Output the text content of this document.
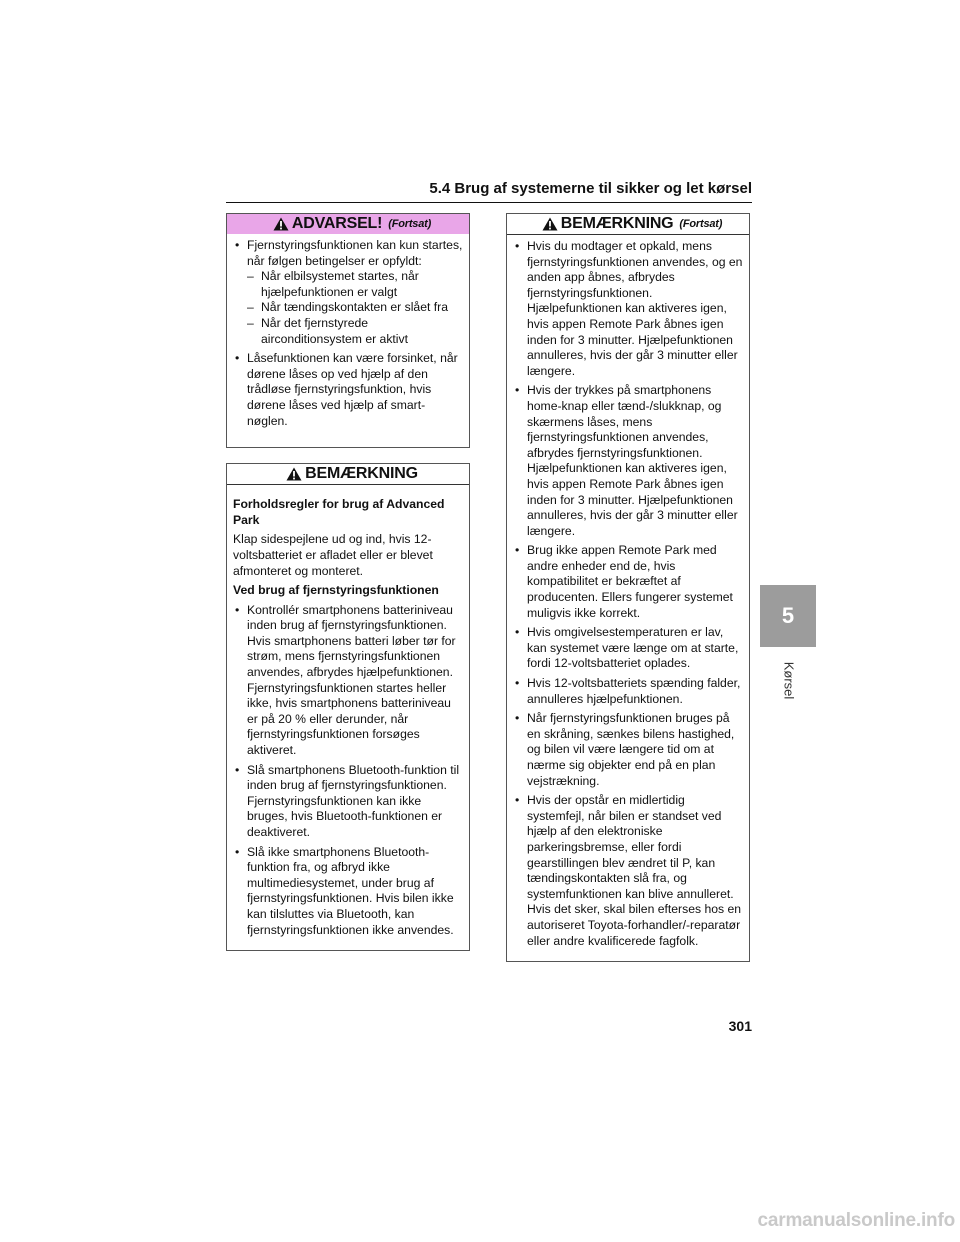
5.4 Brug af systemerne til sikker og let kørsel
ADVARSEL! (Fortsat)
• Fjernstyringsfunktionen kan kun startes, når følgen betingelser er opfyldt:
– Når elbilsystemet startes, når hjælpefunktionen er valgt
– Når tændingskontakten er slået fra
– Når det fjernstyrede airconditionsystem er aktivt
• Låsefunktionen kan være forsinket, når dørene låses op ved hjælp af den trådløse fjernstyringsfunktion, hvis dørene låses ved hjælp af smart-nøglen.
BEMÆRKNING
Forholdsregler for brug af Advanced Park
Klap sidespejlene ud og ind, hvis 12-voltsbatteriet er afladet eller er blevet afmonteret og monteret.
Ved brug af fjernstyringsfunktionen
• Kontrollér smartphonens batteriniveau inden brug af fjernstyringsfunktionen. Hvis smartphonens batteri løber tør for strøm, mens fjernstyringsfunktionen anvendes, afbrydes hjælpefunktionen. Fjernstyringsfunktionen startes heller ikke, hvis smartphonens batteriniveau er på 20 % eller derunder, når fjernstyringsfunktionen forsøges aktiveret.
• Slå smartphonens Bluetooth-funktion til inden brug af fjernstyringsfunktionen. Fjernstyringsfunktionen kan ikke bruges, hvis Bluetooth-funktionen er deaktiveret.
• Slå ikke smartphonens Bluetooth-funktion fra, og afbryd ikke multimediesystemet, under brug af fjernstyringsfunktionen. Hvis bilen ikke kan tilsluttes via Bluetooth, kan fjernstyringsfunktionen ikke anvendes.
BEMÆRKNING (Fortsat)
• Hvis du modtager et opkald, mens fjernstyringsfunktionen anvendes, og en anden app åbnes, afbrydes fjernstyringsfunktionen. Hjælpefunktionen kan aktiveres igen, hvis appen Remote Park åbnes igen inden for 3 minutter. Hjælpefunktionen annulleres, hvis der går 3 minutter eller længere.
• Hvis der trykkes på smartphonens home-knap eller tænd-/slukknap, og skærmens låses, mens fjernstyringsfunktionen anvendes, afbrydes fjernstyringsfunktionen. Hjælpefunktionen kan aktiveres igen, hvis appen Remote Park åbnes igen inden for 3 minutter. Hjælpefunktionen annulleres, hvis der går 3 minutter eller længere.
• Brug ikke appen Remote Park med andre enheder end de, hvis kompatibilitet er bekræftet af producenten. Ellers fungerer systemet muligvis ikke korrekt.
• Hvis omgivelsestemperaturen er lav, kan systemet være længe om at starte, fordi 12-voltsbatteriet oplades.
• Hvis 12-voltsbatteriets spænding falder, annulleres hjælpefunktionen.
• Når fjernstyringsfunktionen bruges på en skråning, sænkes bilens hastighed, og bilen vil være længere tid om at nærme sig objekter end på en plan vejstrækning.
• Hvis der opstår en midlertidig systemfejl, når bilen er standset ved hjælp af den elektroniske parkeringsbremse, eller fordi gearstillingen blev ændret til P, kan tændingskontakten slå fra, og systemfunktionen kan blive annulleret. Hvis det sker, skal bilen efterses hos en autoriseret Toyota-forhandler/-reparatør eller andre kvalificerede fagfolk.
5
Kørsel
301
carmanualsonline.info
